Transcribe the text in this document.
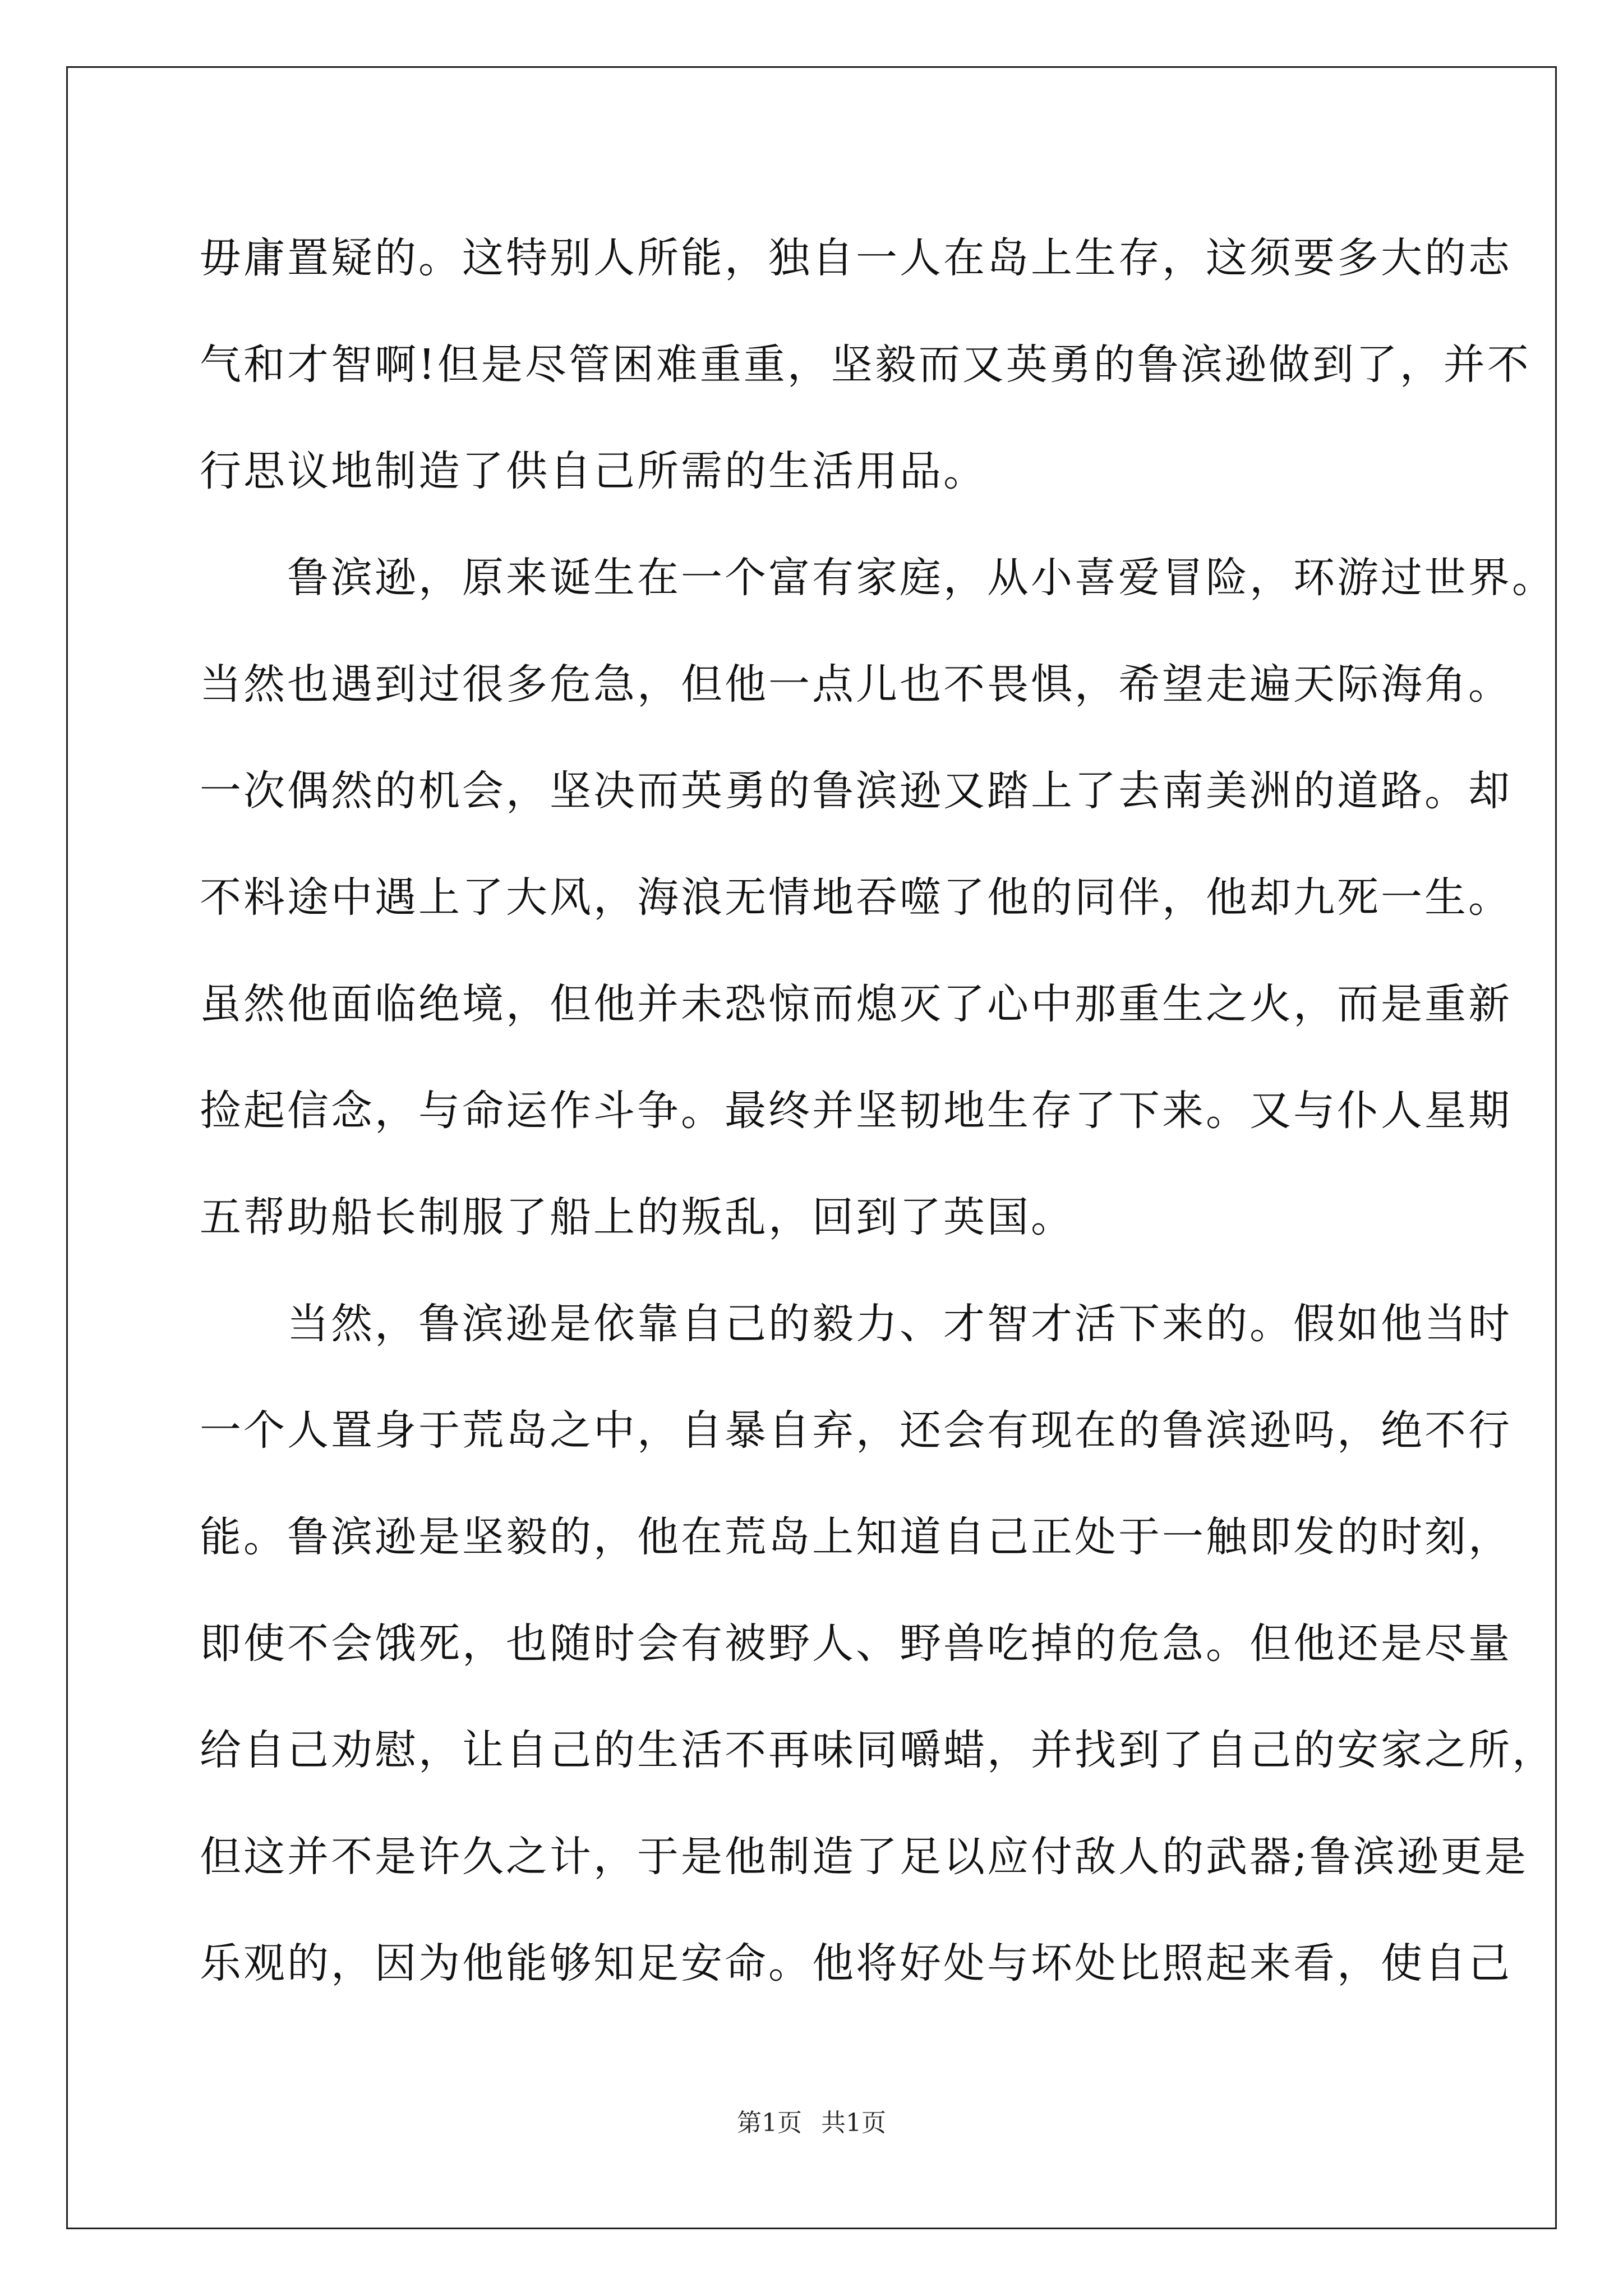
毋庸置疑的。这特别人所能，独自一人在岛上生存，这须要多大的志
气和才智啊!但是尽管困难重重，坚毅而又英勇的鲁滨逊做到了，并不
行思议地制造了供自己所需的生活用品。
　　鲁滨逊，原来诞生在一个富有家庭，从小喜爱冒险，环游过世界。
当然也遇到过很多危急，但他一点儿也不畏惧，希望走遍天际海角。
一次偶然的机会，坚决而英勇的鲁滨逊又踏上了去南美洲的道路。却
不料途中遇上了大风，海浪无情地吞噬了他的同伴，他却九死一生。
虽然他面临绝境，但他并未恐惊而熄灭了心中那重生之火，而是重新
捡起信念，与命运作斗争。最终并坚韧地生存了下来。又与仆人星期
五帮助船长制服了船上的叛乱，回到了英国。
　　当然，鲁滨逊是依靠自己的毅力、才智才活下来的。假如他当时
一个人置身于荒岛之中，自暴自弃，还会有现在的鲁滨逊吗，绝不行
能。鲁滨逊是坚毅的，他在荒岛上知道自己正处于一触即发的时刻，
即使不会饿死，也随时会有被野人、野兽吃掉的危急。但他还是尽量
给自己劝慰，让自己的生活不再味同嚼蜡，并找到了自己的安家之所，
但这并不是许久之计，于是他制造了足以应付敌人的武器;鲁滨逊更是
乐观的，因为他能够知足安命。他将好处与坏处比照起来看，使自己
第1页 共1页
